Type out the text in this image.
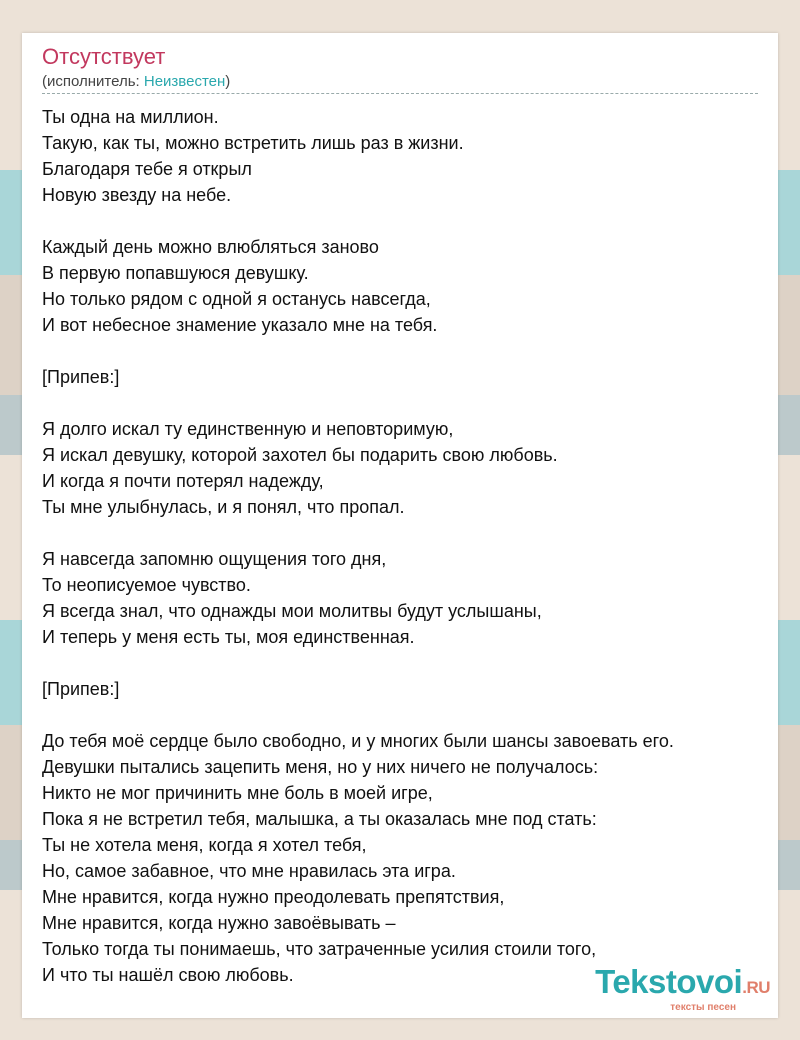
Отсутствует
(исполнитель: Неизвестен)
Ты одна на миллион.
Такую, как ты, можно встретить лишь раз в жизни.
Благодаря тебе я открыл
Новую звезду на небе.
Каждый день можно влюбляться заново
В первую попавшуюся девушку.
Но только рядом с одной я останусь навсегда,
И вот небесное знамение указало мне на тебя.
[Припев:]
Я долго искал ту единственную и неповторимую,
Я искал девушку, которой захотел бы подарить свою любовь.
И когда я почти потерял надежду,
Ты мне улыбнулась, и я понял, что пропал.
Я навсегда запомню ощущения того дня,
То неописуемое чувство.
Я всегда знал, что однажды мои молитвы будут услышаны,
И теперь у меня есть ты, моя единственная.
[Припев:]
До тебя моё сердце было свободно, и у многих были шансы завоевать его.
Девушки пытались зацепить меня, но у них ничего не получалось:
Никто не мог причинить мне боль в моей игре,
Пока я не встретил тебя, малышка, а ты оказалась мне под стать:
Ты не хотела меня, когда я хотел тебя,
Но, самое забавное, что мне нравилась эта игра.
Мне нравится, когда нужно преодолевать препятствия,
Мне нравится, когда нужно завоёвывать –
Только тогда ты понимаешь, что затраченные усилия стоили того,
И что ты нашёл свою любовь.	Tekstovoi.RU
тексты песен
